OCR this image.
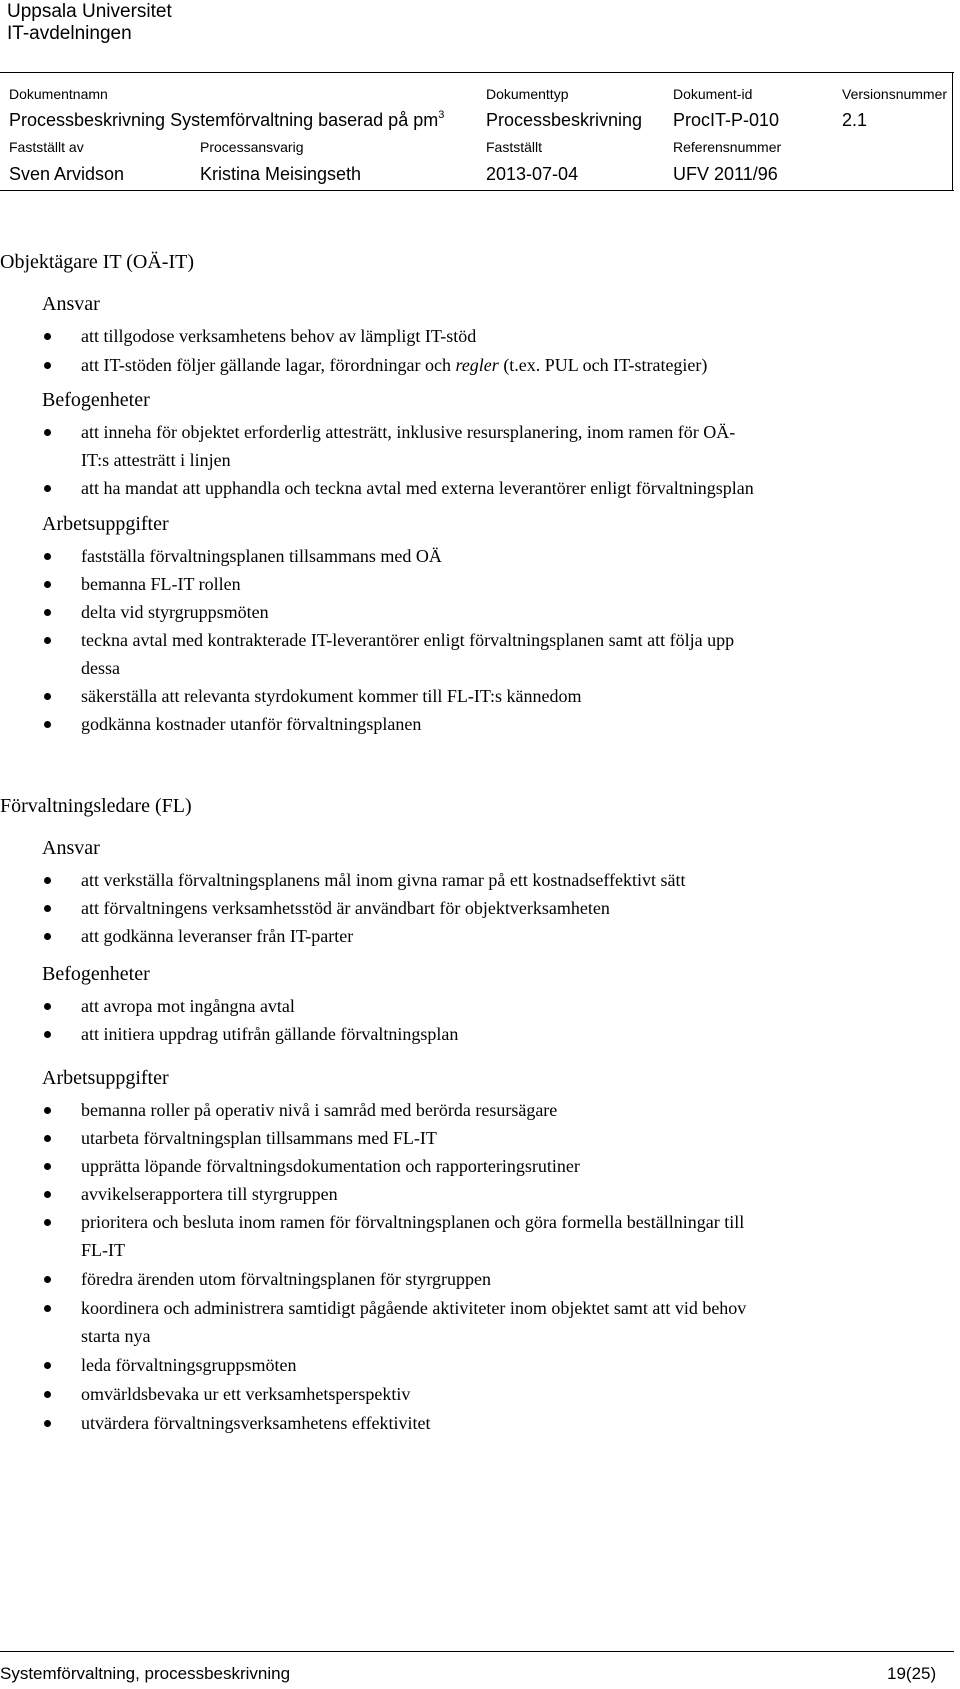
Uppsala Universitet
IT-avdelningen
Dokumentnamn
Processbeskrivning Systemförvaltning baserad på $pm^3$
Dokumenttyp
Processbeskrivning
Dokument-id
ProcIT-P-010
Versionsnummer
2.1
Fastställt av
Sven Arvidson
Processansvarig
Kristina Meisingseth
Fastställt
2013-07-04
Referensnummer
UFV 2011/96
Objektägare IT (OÄ-IT)
Ansvar
att tillgodose verksamhetens behov av lämpligt IT-stöd
att IT-stöden följer gällande lagar, förordningar och regler (t.ex. PUL och IT-strategier)
Befogenheter
att inneha för objektet erforderlig attesträtt, inklusive resursplanering, inom ramen för OÄ-
IT:s attesträtt i linjen
att ha mandat att upphandla och teckna avtal med externa leverantörer enligt förvaltningsplan
Arbetsuppgifter
fastställa förvaltningsplanen tillsammans med OÄ
bemanna FL-IT rollen
delta vid styrgruppsmöten
teckna avtal med kontrakterade IT-leverantörer enligt förvaltningsplanen samt att följa upp
dessa
säkerställa att relevanta styrdokument kommer till FL-IT:s kännedom
godkänna kostnader utanför förvaltningsplanen
Förvaltningsledare (FL)
Ansvar
att verkställa förvaltningsplanens mål inom givna ramar på ett kostnadseffektivt sätt
att förvaltningens verksamhetsstöd är användbart för objektverksamheten
att godkänna leveranser från IT-parter
Befogenheter
att avropa mot ingångna avtal
att initiera uppdrag utifrån gällande förvaltningsplan
Arbetsuppgifter
bemanna roller på operativ nivå i samråd med berörda resursägare
utarbeta förvaltningsplan tillsammans med FL-IT
upprätta löpande förvaltningsdokumentation och rapporteringsrutiner
avvikelserapportera till styrgruppen
prioritera och besluta inom ramen för förvaltningsplanen och göra formella beställningar till
FL-IT
föredra ärenden utom förvaltningsplanen för styrgruppen
koordinera och administrera samtidigt pågående aktiviteter inom objektet samt att vid behov
starta nya
leda förvaltningsgruppsmöten
omvärldsbevaka ur ett verksamhetsperspektiv
utvärdera förvaltningsverksamhetens effektivitet
Systemförvaltning, processbeskrivning	19(25)
